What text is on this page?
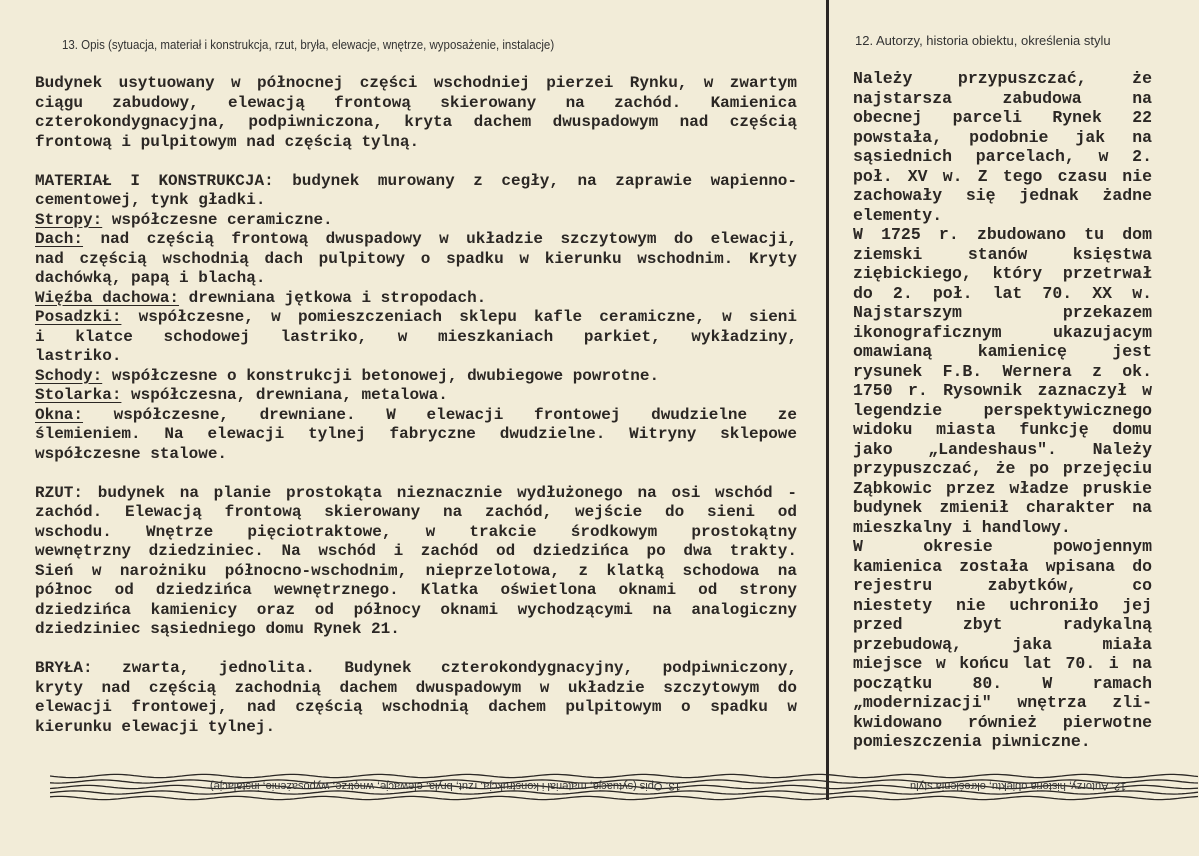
13. Opis (sytuacja, materiał i konstrukcja, rzut, bryła, elewacje, wnętrze, wyposażenie, instalacje)	12. Autorzy, historia obiektu, określenia stylu
Budynek usytuowany w północnej części wschodniej pierzei Rynku, w zwartym
ciągu zabudowy, elewacją frontową skierowany na zachód. Kamienica
czterokondygnacyjna, podpiwniczona, kryta dachem dwuspadowym nad częścią
frontową i pulpitowym nad częścią tylną.
MATERIAŁ I KONSTRUKCJA: budynek murowany z cegły, na zaprawie wapienno-
cementowej, tynk gładki.
Stropy: współczesne ceramiczne.
Dach: nad częścią frontową dwuspadowy w układzie szczytowym do elewacji,
nad częścią wschodnią dach pulpitowy o spadku w kierunku wschodnim. Kryty
dachówką, papą i blachą.
Więźba dachowa: drewniana jętkowa i stropodach.
Posadzki: współczesne, w pomieszczeniach sklepu kafle ceramiczne, w sieni
i klatce schodowej lastriko, w mieszkaniach parkiet, wykładziny,
lastriko.
Schody: współczesne o konstrukcji betonowej, dwubiegowe powrotne.
Stolarka: współczesna, drewniana, metalowa.
Okna: współczesne, drewniane. W elewacji frontowej dwudzielne ze
ślemieniem. Na elewacji tylnej fabryczne dwudzielne. Witryny sklepowe
współczesne stalowe.
RZUT: budynek na planie prostokąta nieznacznie wydłużonego na osi wschód -
zachód. Elewacją frontową skierowany na zachód, wejście do sieni od
wschodu. Wnętrze pięciotraktowe, w trakcie środkowym prostokątny
wewnętrzny dziedziniec. Na wschód i zachód od dziedzińca po dwa trakty.
Sień w narożniku północno-wschodnim, nieprzelotowa, z klatką schodowa na
północ od dziedzińca wewnętrznego. Klatka oświetlona oknami od strony
dziedzińca kamienicy oraz od północy oknami wychodzącymi na analogiczny
dziedziniec sąsiedniego domu Rynek 21.
BRYŁA: zwarta, jednolita. Budynek czterokondygnacyjny, podpiwniczony,
kryty nad częścią zachodnią dachem dwuspadowym w układzie szczytowym do
elewacji frontowej, nad częścią wschodnią dachem pulpitowym o spadku w
kierunku elewacji tylnej.
Należy przypuszczać, że
najstarsza zabudowa na
obecnej parceli Rynek 22
powstała, podobnie jak na
sąsiednich parcelach, w 2.
poł. XV w. Z tego czasu nie
zachowały się jednak żadne
elementy.
W 1725 r. zbudowano tu dom
ziemski stanów księstwa
ziębickiego, który przetrwał
do 2. poł. lat 70. XX w.
Najstarszym przekazem
ikonograficznym ukazujacym
omawianą kamienicę jest
rysunek F.B. Wernera z ok.
1750 r. Rysownik zaznaczył w
legendzie perspektywicznego
widoku miasta funkcję domu
jako „Landeshaus". Należy
przypuszczać, że po przejęciu
Ząbkowic przez władze pruskie
budynek zmienił charakter na
mieszkalny i handlowy.
W okresie powojennym
kamienica została wpisana do
rejestru zabytków, co
niestety nie uchroniło jej
przed zbyt radykalną
przebudową, jaka miała
miejsce w końcu lat 70. i na
początku 80. W ramach
„modernizacji" wnętrza zli-
kwidowano również pierwotne
pomieszczenia piwniczne.
13. Opis (sytuacja, materiał i konstrukcja, rzut, bryła, elewacje, wnętrze, wyposażenie, instalacje)	12. Autorzy, historia obiektu, określenia stylu
